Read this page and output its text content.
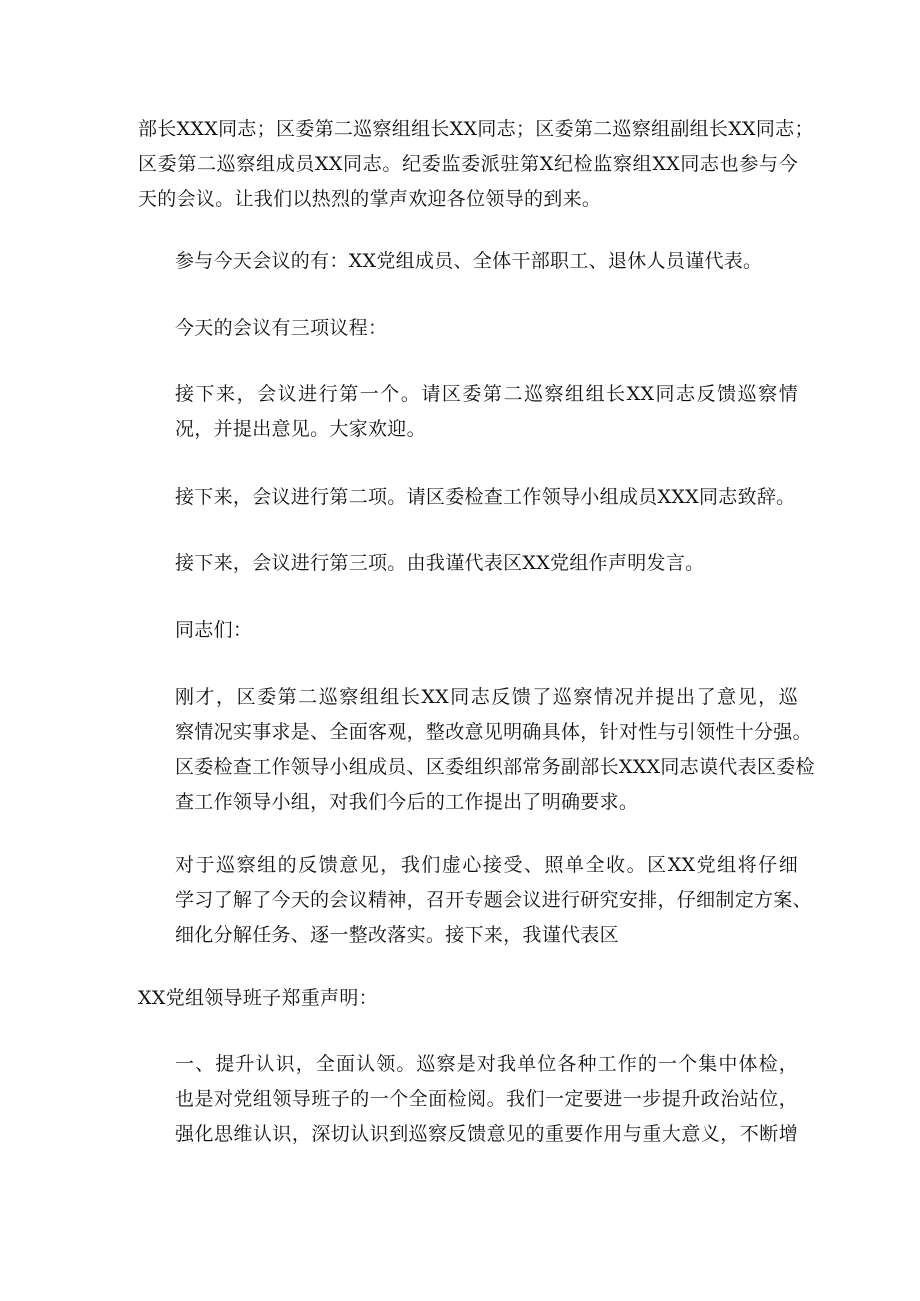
部长XXX同志；区委第二巡察组组长XX同志；区委第二巡察组副组长XX同志；
区委第二巡察组成员XX同志。纪委监委派驻第X纪检监察组XX同志也参与今
天的会议。让我们以热烈的掌声欢迎各位领导的到来。
参与今天会议的有：XX党组成员、全体干部职工、退休人员谨代表。
今天的会议有三项议程：
接下来，会议进行第一个。请区委第二巡察组组长XX同志反馈巡察情
况，并提出意见。大家欢迎。
接下来，会议进行第二项。请区委检查工作领导小组成员XXX同志致辞。
接下来，会议进行第三项。由我谨代表区XX党组作声明发言。
同志们：
刚才，区委第二巡察组组长XX同志反馈了巡察情况并提出了意见，巡
察情况实事求是、全面客观，整改意见明确具体，针对性与引领性十分强。
区委检查工作领导小组成员、区委组织部常务副部长XXX同志谟代表区委检
查工作领导小组，对我们今后的工作提出了明确要求。
对于巡察组的反馈意见，我们虚心接受、照单全收。区XX党组将仔细
学习了解了今天的会议精神，召开专题会议进行研究安排，仔细制定方案、
细化分解任务、逐一整改落实。接下来，我谨代表区
XX党组领导班子郑重声明：
一、提升认识，全面认领。巡察是对我单位各种工作的一个集中体检，
也是对党组领导班子的一个全面检阅。我们一定要进一步提升政治站位，
强化思维认识，深切认识到巡察反馈意见的重要作用与重大意义，不断增
